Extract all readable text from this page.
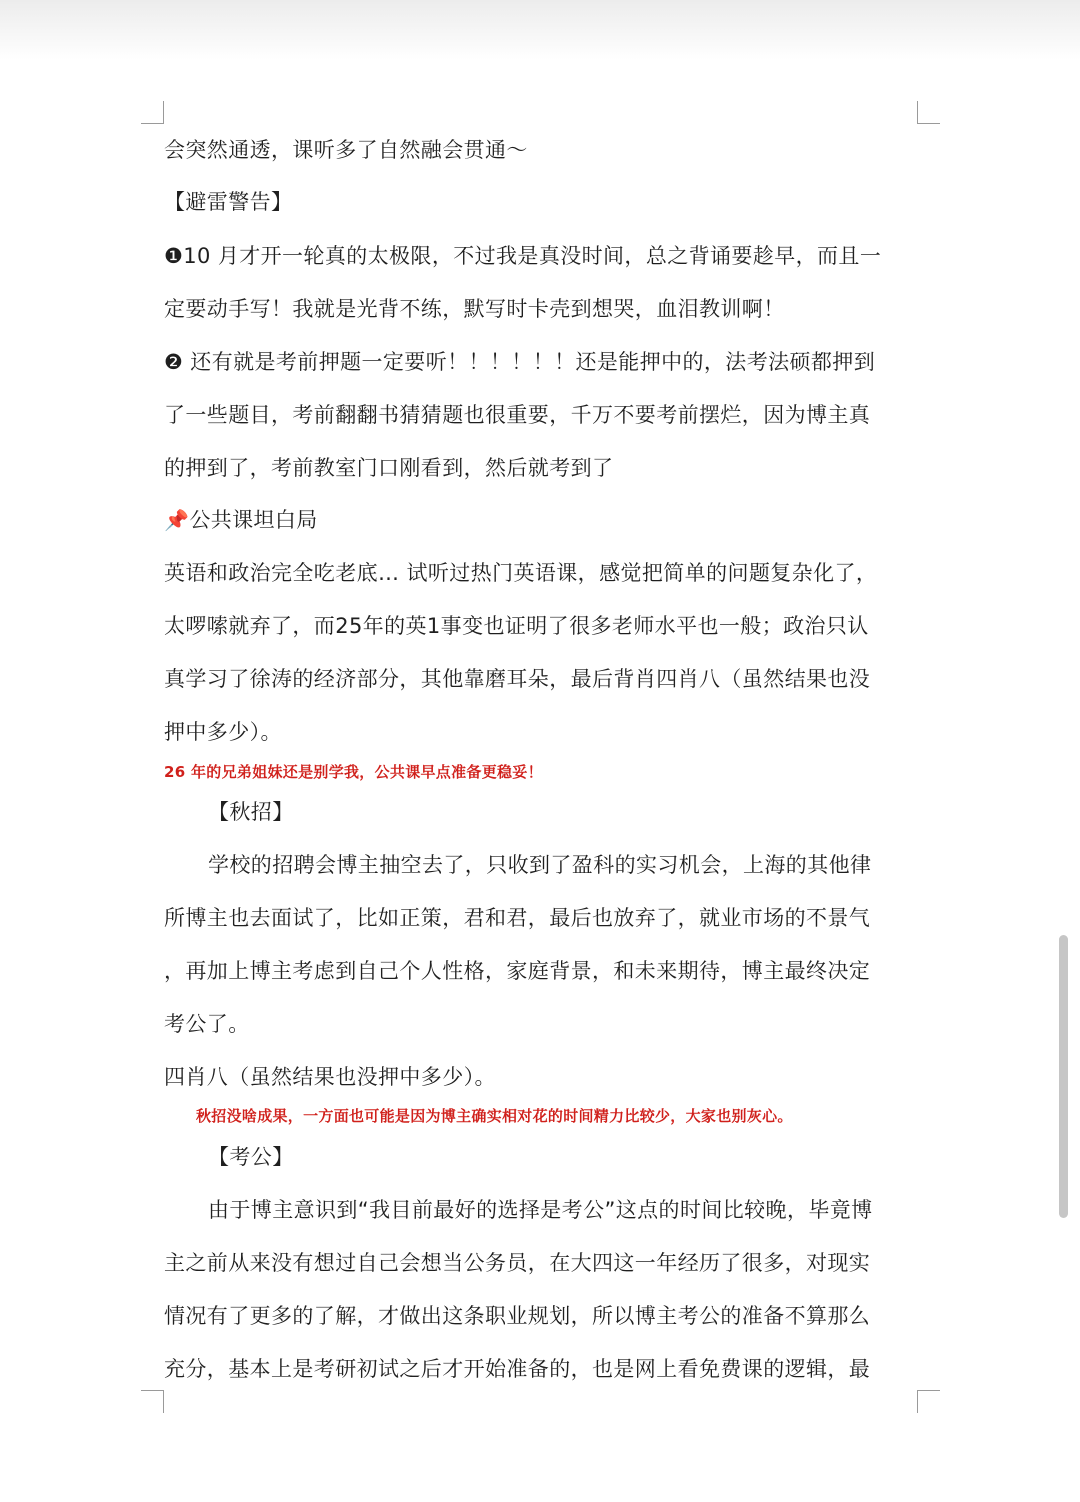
会突然通透，课听多了自然融会贯通～
【避雷警告】
❶10 月才开一轮真的太极限，不过我是真没时间，总之背诵要趁早，而且一
定要动手写！我就是光背不练，默写时卡壳到想哭，血泪教训啊！
❷ 还有就是考前押题一定要听！！！！！！还是能押中的，法考法硕都押到
了一些题目，考前翻翻书猜猜题也很重要，千万不要考前摆烂，因为博主真
的押到了，考前教室门口刚看到，然后就考到了
📌公共课坦白局
英语和政治完全吃老底… 试听过热门英语课，感觉把简单的问题复杂化了，
太啰嗦就弃了，而25年的英1事变也证明了很多老师水平也一般；政治只认
真学习了徐涛的经济部分，其他靠磨耳朵，最后背肖四肖八（虽然结果也没
押中多少）。
26 年的兄弟姐妹还是别学我，公共课早点准备更稳妥！
【秋招】
学校的招聘会博主抽空去了，只收到了盈科的实习机会，上海的其他律
所博主也去面试了，比如正策，君和君，最后也放弃了，就业市场的不景气
，再加上博主考虑到自己个人性格，家庭背景，和未来期待，博主最终决定
考公了。
四肖八（虽然结果也没押中多少）。
秋招没啥成果，一方面也可能是因为博主确实相对花的时间精力比较少，大家也别灰心。
【考公】
由于博主意识到“我目前最好的选择是考公”这点的时间比较晚，毕竟博
主之前从来没有想过自己会想当公务员，在大四这一年经历了很多，对现实
情况有了更多的了解，才做出这条职业规划，所以博主考公的准备不算那么
充分，基本上是考研初试之后才开始准备的，也是网上看免费课的逻辑，最
